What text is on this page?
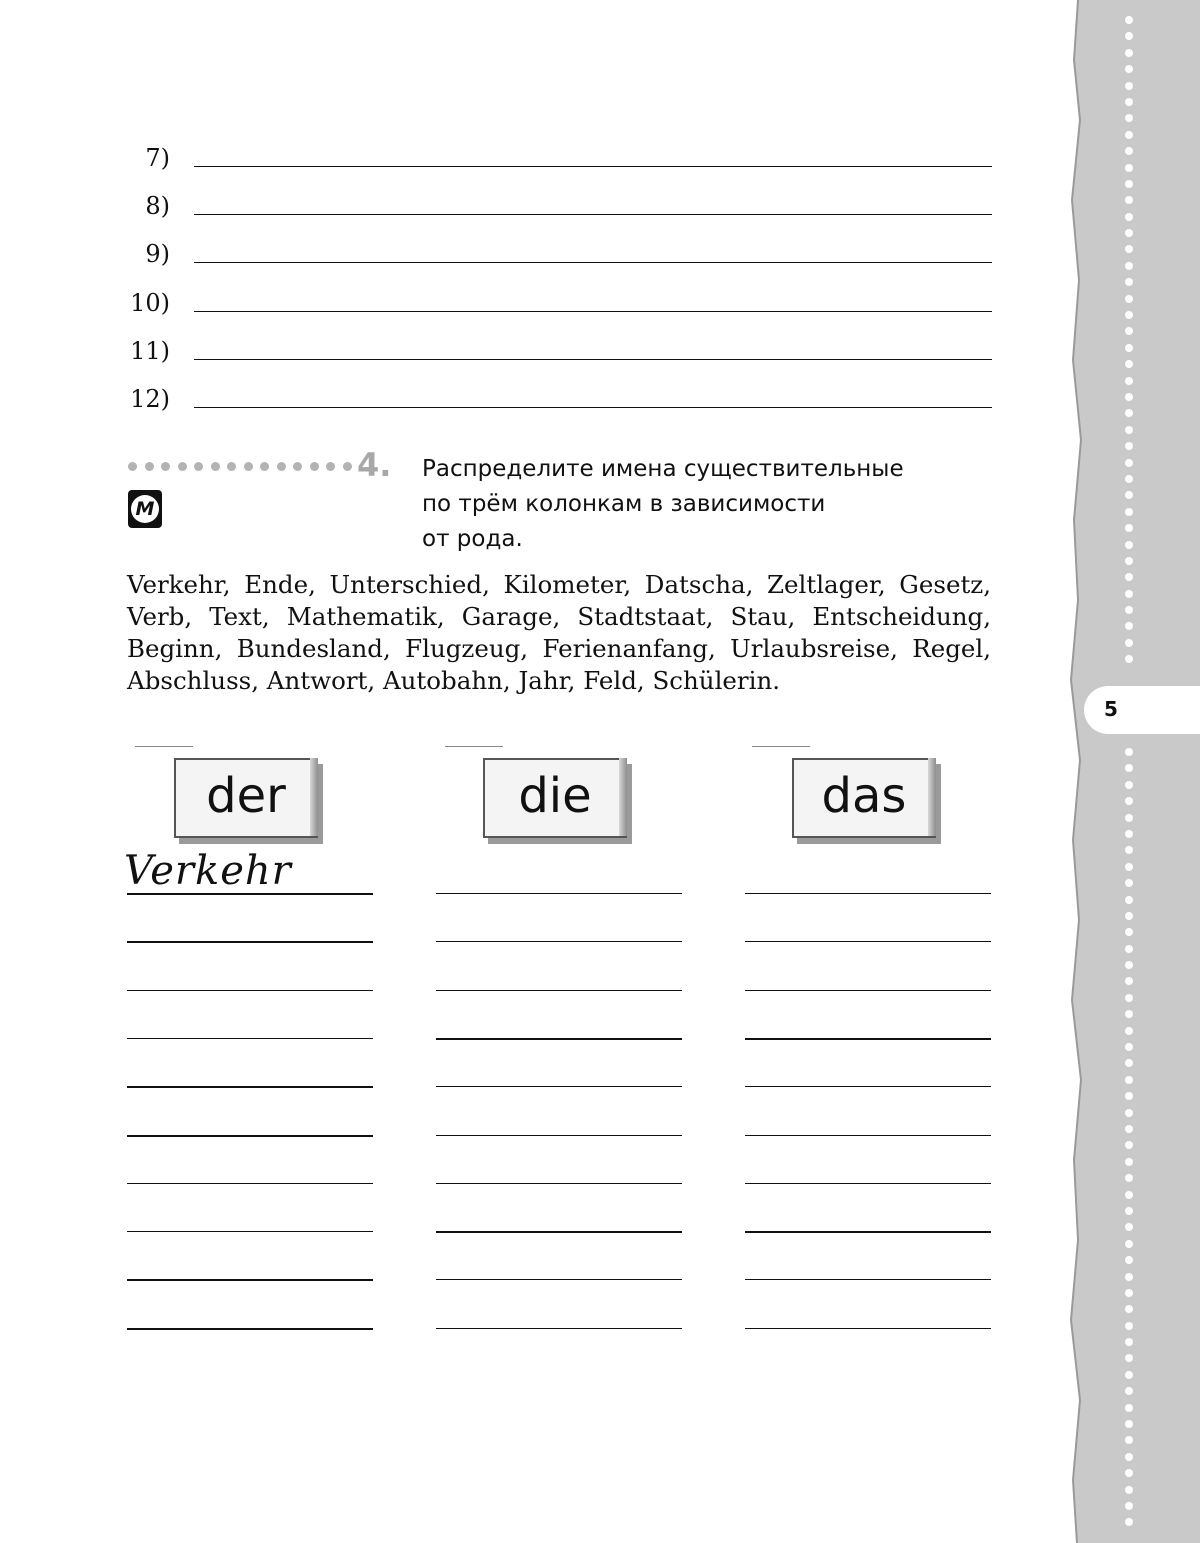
5
7)
8)
9)
10)
11)
12)
4.
M
Распределите имена существительные
по трём колонкам в зависимости
от рода.
Verkehr, Ende, Unterschied, Kilometer, Datscha, Zeltlager, Gesetz, Verb, Text, Mathematik, Garage, Stadtstaat, Stau, Entscheidung, Beginn, Bundesland, Flugzeug, Ferienanfang, Urlaubsreise, Regel, Abschluss, Antwort, Autobahn, Jahr, Feld, Schülerin.
der	die	das
Verkehr
